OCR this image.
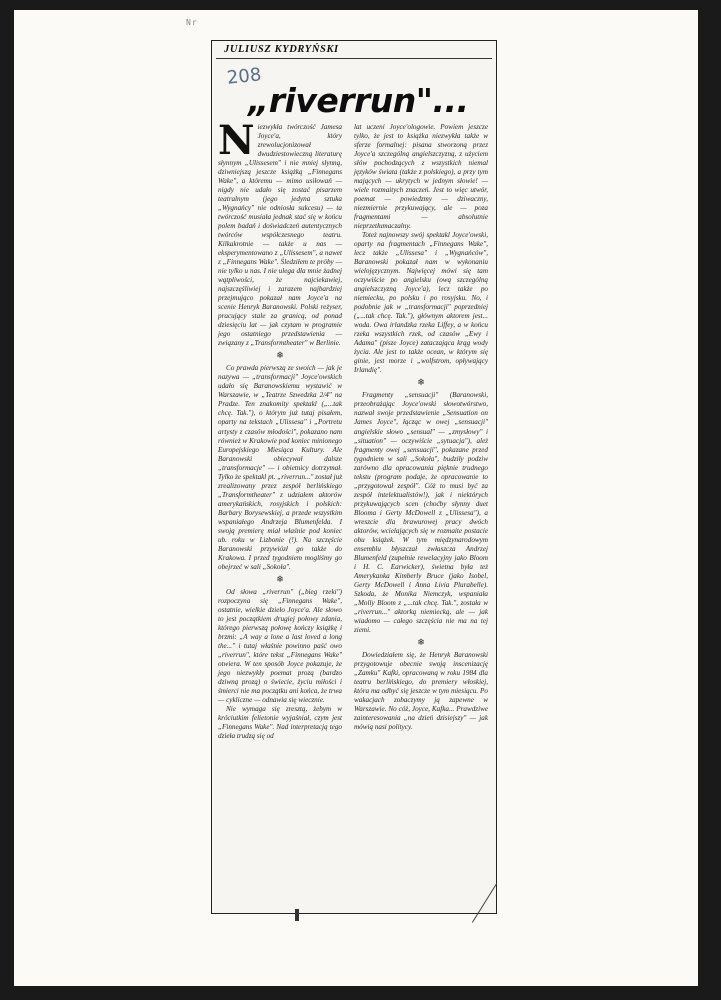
Nr
JULIUSZ KYDRYŃSKI
208
„riverrun"...

Niezwykła twórczość Jamesa Joyce'a, który zrewolucjonizował dwudziestowieczną literaturę słynnym „Ulissesem" i nie mniej słynną, dziwniejszą jeszcze książką „Finnegans Wake", a któremu — mimo usiłowań — nigdy nie udało się zostać pisarzem teatralnym (jego jedyna sztuka „Wygnańcy" nie odniosła sukcesu) — ta twórczość musiała jednak stać się w końcu polem badań i doświadczeń autentycznych twórców współczesnego teatru. Kilkakrotnie — także u nas — eksperymentowano z „Ulissesem", a nawet z „Finnegans Wake". Śledziłem te próby — nie tylko u nas. I nie ulega dla mnie żadnej wątpliwości, że najciekawiej, najszczęśliwiej i zarazem najbardziej przejmująco pokazał nam Joyce'a na scenie Henryk Baranowski. Polski reżyser, pracujący stale za granicą, od ponad dziesięciu lat — jak czytam w programie jego ostatniego przedstawienia — związany z „Transformtheater" w Berlinie.

❄

Co prawda pierwszą ze swoich — jak je nazywa — „transformacji" Joyce'owskich udało się Baranowskiemu wystawić w Warszawie, w „Teatrze Szwedzka 2/4" na Pradze. Ten znakomity spektakl („...tak chcę. Tak."), o którym już tutaj pisałem, oparty na tekstach „Ulissesa" i „Portretu artysty z czasów młodości", pokazano nam również w Krakowie pod koniec minionego Europejskiego Miesiąca Kultury. Ale Baranowski obiecywał dalsze „transformacje" — i obietnicy dotrzymał. Tylko że spektakl pt. „riverrun..." został już zrealizowany przez zespół berlińskiego „Transformtheater" z udziałem aktorów amerykańskich, rosyjskich i polskich: Barbary Borysewskiej, a przede wszystkim wspaniałego Andrzeja Blumenfelda. I swoją premierę miał właśnie pod koniec ub. roku w Lizbonie (!). Na szczęście Baranowski przywiózł go także do Krakowa. I przed tygodniem mogliśmy go obejrzeć w sali „Sokoła".

❄

Od słowa „riverrun" („bieg rzeki") rozpoczyna się „Finnegans Wake", ostatnie, wielkie dzieło Joyce'a. Ale słowo to jest początkiem drugiej połowy zdania, którego pierwszą połowę kończy książkę i brzmi: „A way a lone a last loved a long the..." i tutaj właśnie powinno paść owo „riverrun", które tekst „Finnegans Wake" otwiera. W ten sposób Joyce pokazuje, że jego niezwykły poemat prozą (bardzo dziwną prozą) o świecie, życiu miłości i śmierci nie ma początku ani końca, że trwa — cykliczne — odnawia się wiecznie.

Nie wymaga się zresztą, żebym w króciutkim felietonie wyjaśniał, czym jest „Finnegans Wake". Nad interpretacją tego dzieła trudzą się od

lat uczeni Joyce'ologowie. Powiem jeszcze tylko, że jest to książka niezwykła także w sferze formalnej: pisana stworzoną przez Joyce'a szczególną angielszczyzną, z użyciem słów pochodzących z wszystkich niemal języków świata (także z polskiego), a przy tym mających — ukrytych w jednym słowie! — wiele rozmaitych znaczeń. Jest to więc utwór, poemat — powiedzmy — dziwaczny, niezmiernie przykuwający, ale — poza fragmentami — absolutnie nieprzetłumaczalny.

Toteż najnowszy swój spektakl Joyce'owski, oparty na fragmentach „Finnegans Wake", lecz także „Ulissesa" i „Wygnańców", Baranowski pokazał nam w wykonaniu wielojęzycznym. Najwięcej mówi się tam oczywiście po angielsku (ową szczególną angielszczyzną Joyce'a), lecz także po niemiecku, po polsku i po rosyjsku. No, i podobnie jak w „transformacji" poprzedniej („...tak chcę. Tak."), głównym aktorem jest... woda. Owa irlandzka rzeka Liffey, a w końcu rzeka wszystkich rzek, od czasów „Ewy i Adama" (pisze Joyce) zataczająca krąg wody życia. Ale jest to także ocean, w którym się ginie, jest morze i „wolfstrom, opływający Irlandię".

❄

Fragmenty „sensuacji" (Baranowski, przeobrażając Joyce'owski słowotwórstwo, nazwał swoje przedstawienie „Sensuation on James Joyce", łącząc w owej „sensuacji" angielskie słowo „sensual" — „zmysłowy" i „situation" — oczywiście „sytuacja"), ależ fragmenty owej „sensuacji", pokazane przed tygodniem w sali „Sokoła", budziły podziw zarówno dla opracowania pięknie trudnego tekstu (program podaje, że opracowanie to „przygotował zespół". Cóż to musi być za zespół intelektualistów!), jak i niektórych przykuwających scen (choćby słynny duet Blooma i Gerty McDowell z „Ulissesa"), a wreszcie dla brawurowej pracy dwóch aktorów, wcielających się w rozmaite postacie obu książek. W tym międzynarodowym ensemblu błyszczał zwłaszcza Andrzej Blumenfeld (zupełnie rewelacyjny jako Bloom i H. C. Earwicker), świetna była też Amerykanka Kimberly Bruce (jako Isobel, Gerty McDowell i Anna Livia Plurabelle). Szkoda, że Monika Niemczyk, wspaniała „Molly Bloom z „...tak chcę. Tak.", została w „riverrun..." aktorką niemiecką, ale — jak wiadomo — całego szczęścia nie ma na tej ziemi.

❄

Dowiedziałem się, że Henryk Baranowski przygotowuje obecnie swoją inscenizację „Zamku" Kafki, opracowaną w roku 1984 dla teatru berlińskiego, do premiery włoskiej, która ma odbyć się jeszcze w tym miesiącu. Po wakacjach zobaczymy ją zapewne w Warszawie. No cóż, Joyce, Kafka... Prawdziwe zainteresowania „na dzień dzisiejszy" — jak mówią nasi politycy.
